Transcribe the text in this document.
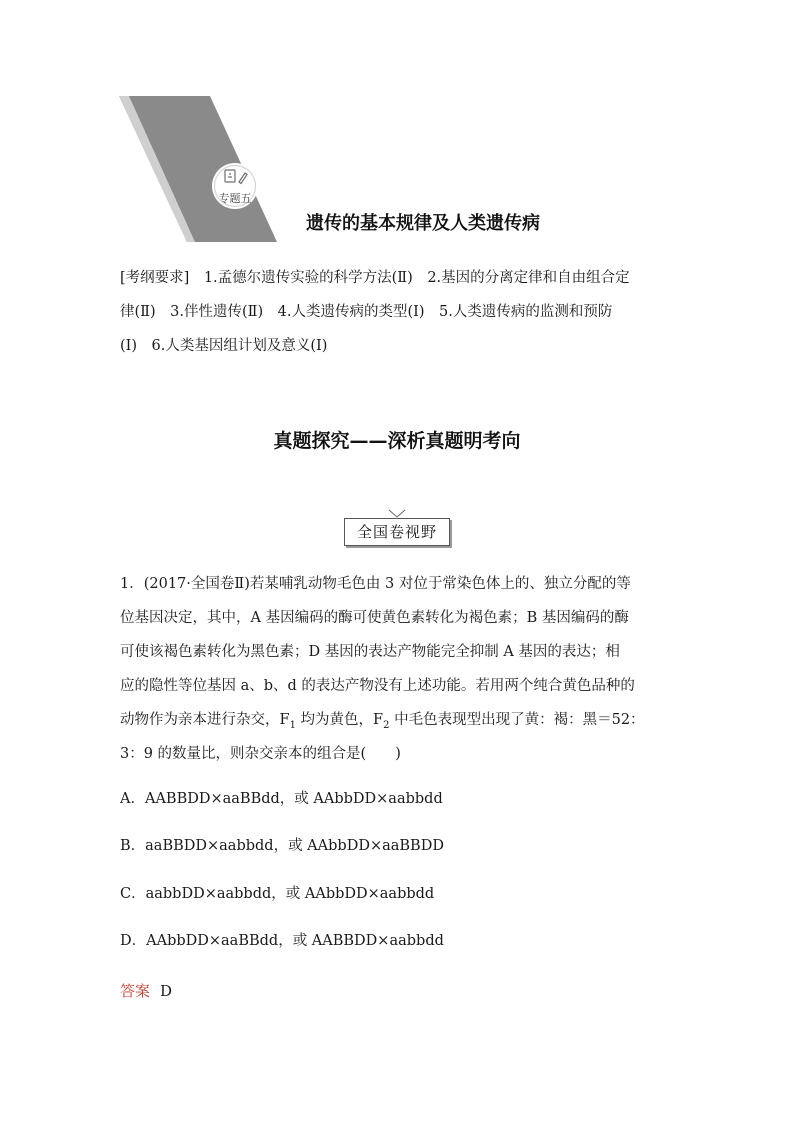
专题五
遗传的基本规律及人类遗传病
[考纲要求]　1.孟德尔遗传实验的科学方法(Ⅱ)　2.基因的分离定律和自由组合定
律(Ⅱ)　3.伴性遗传(Ⅱ)　4.人类遗传病的类型(Ⅰ)　5.人类遗传病的监测和预防
(Ⅰ)　6.人类基因组计划及意义(Ⅰ)
真题探究——深析真题明考向
全国卷视野
1．(2017·全国卷Ⅱ)若某哺乳动物毛色由 3 对位于常染色体上的、独立分配的等
位基因决定，其中，A 基因编码的酶可使黄色素转化为褐色素；B 基因编码的酶
可使该褐色素转化为黑色素；D 基因的表达产物能完全抑制 A 基因的表达；相
应的隐性等位基因 a、b、d 的表达产物没有上述功能。若用两个纯合黄色品种的
动物作为亲本进行杂交，$F_1$ 均为黄色，$F_2$ 中毛色表现型出现了黄：褐：黑＝52：
3：9 的数量比，则杂交亲本的组合是(　　)
A．AABBDD×aaBBdd，或 AAbbDD×aabbdd
B．aaBBDD×aabbdd，或 AAbbDD×aaBBDD
C．aabbDD×aabbdd，或 AAbbDD×aabbdd
D．AAbbDD×aaBBdd，或 AABBDD×aabbdd
答案 D
